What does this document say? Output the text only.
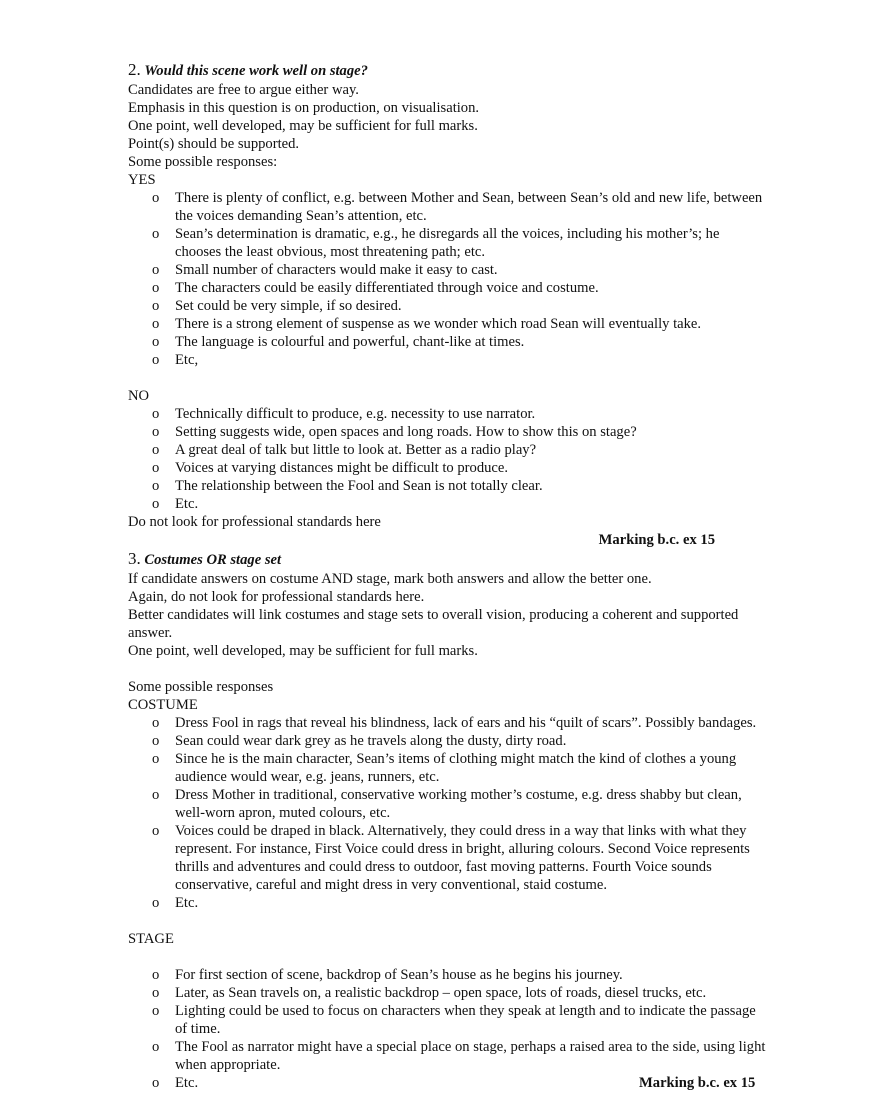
2. Would this scene work well on stage?

Candidates are free to argue either way.

Emphasis in this question is on production, on visualisation.

One point, well developed, may be sufficient for full marks.

Point(s) should be supported.

Some possible responses:

YES

o There is plenty of conflict, e.g. between Mother and Sean, between Sean’s old and new life, between the voices demanding Sean’s attention, etc.
o Sean’s determination is dramatic, e.g., he disregards all the voices, including his mother’s; he chooses the least obvious, most threatening path; etc.
o Small number of characters would make it easy to cast.
o The characters could be easily differentiated through voice and costume.
o Set could be very simple, if so desired.
o There is a strong element of suspense as we wonder which road Sean will eventually take.
o The language is colourful and powerful, chant-like at times.
o Etc,

NO

o Technically difficult to produce, e.g. necessity to use narrator.
o Setting suggests wide, open spaces and long roads. How to show this on stage?
o A great deal of talk but little to look at. Better as a radio play?
o Voices at varying distances might be difficult to produce.
o The relationship between the Fool and Sean is not totally clear.
o Etc.

Do not look for professional standards here

Marking b.c. ex 15

3. Costumes OR stage set

If candidate answers on costume AND stage, mark both answers and allow the better one.

Again, do not look for professional standards here.

Better candidates will link costumes and stage sets to overall vision, producing a coherent and supported answer.

One point, well developed, may be sufficient for full marks.

Some possible responses

COSTUME

o Dress Fool in rags that reveal his blindness, lack of ears and his “quilt of scars”. Possibly bandages.
o Sean could wear dark grey as he travels along the dusty, dirty road.
o Since he is the main character, Sean’s items of clothing might match the kind of clothes a young audience would wear, e.g. jeans, runners, etc.
o Dress Mother in traditional, conservative working mother’s costume, e.g. dress shabby but clean, well-worn apron, muted colours, etc.
o Voices could be draped in black. Alternatively, they could dress in a way that links with what they represent. For instance, First Voice could dress in bright, alluring colours. Second Voice represents thrills and adventures and could dress to outdoor, fast moving patterns. Fourth Voice sounds conservative, careful and might dress in very conventional, staid costume.
o Etc.

STAGE

o For first section of scene, backdrop of Sean’s house as he begins his journey.
o Later, as Sean travels on, a realistic backdrop – open space, lots of roads, diesel trucks, etc.
o Lighting could be used to focus on characters when they speak at length and to indicate the passage of time.
o The Fool as narrator might have a special place on stage, perhaps a raised area to the side, using light when appropriate.
o Etc.	Marking b.c. ex 15
